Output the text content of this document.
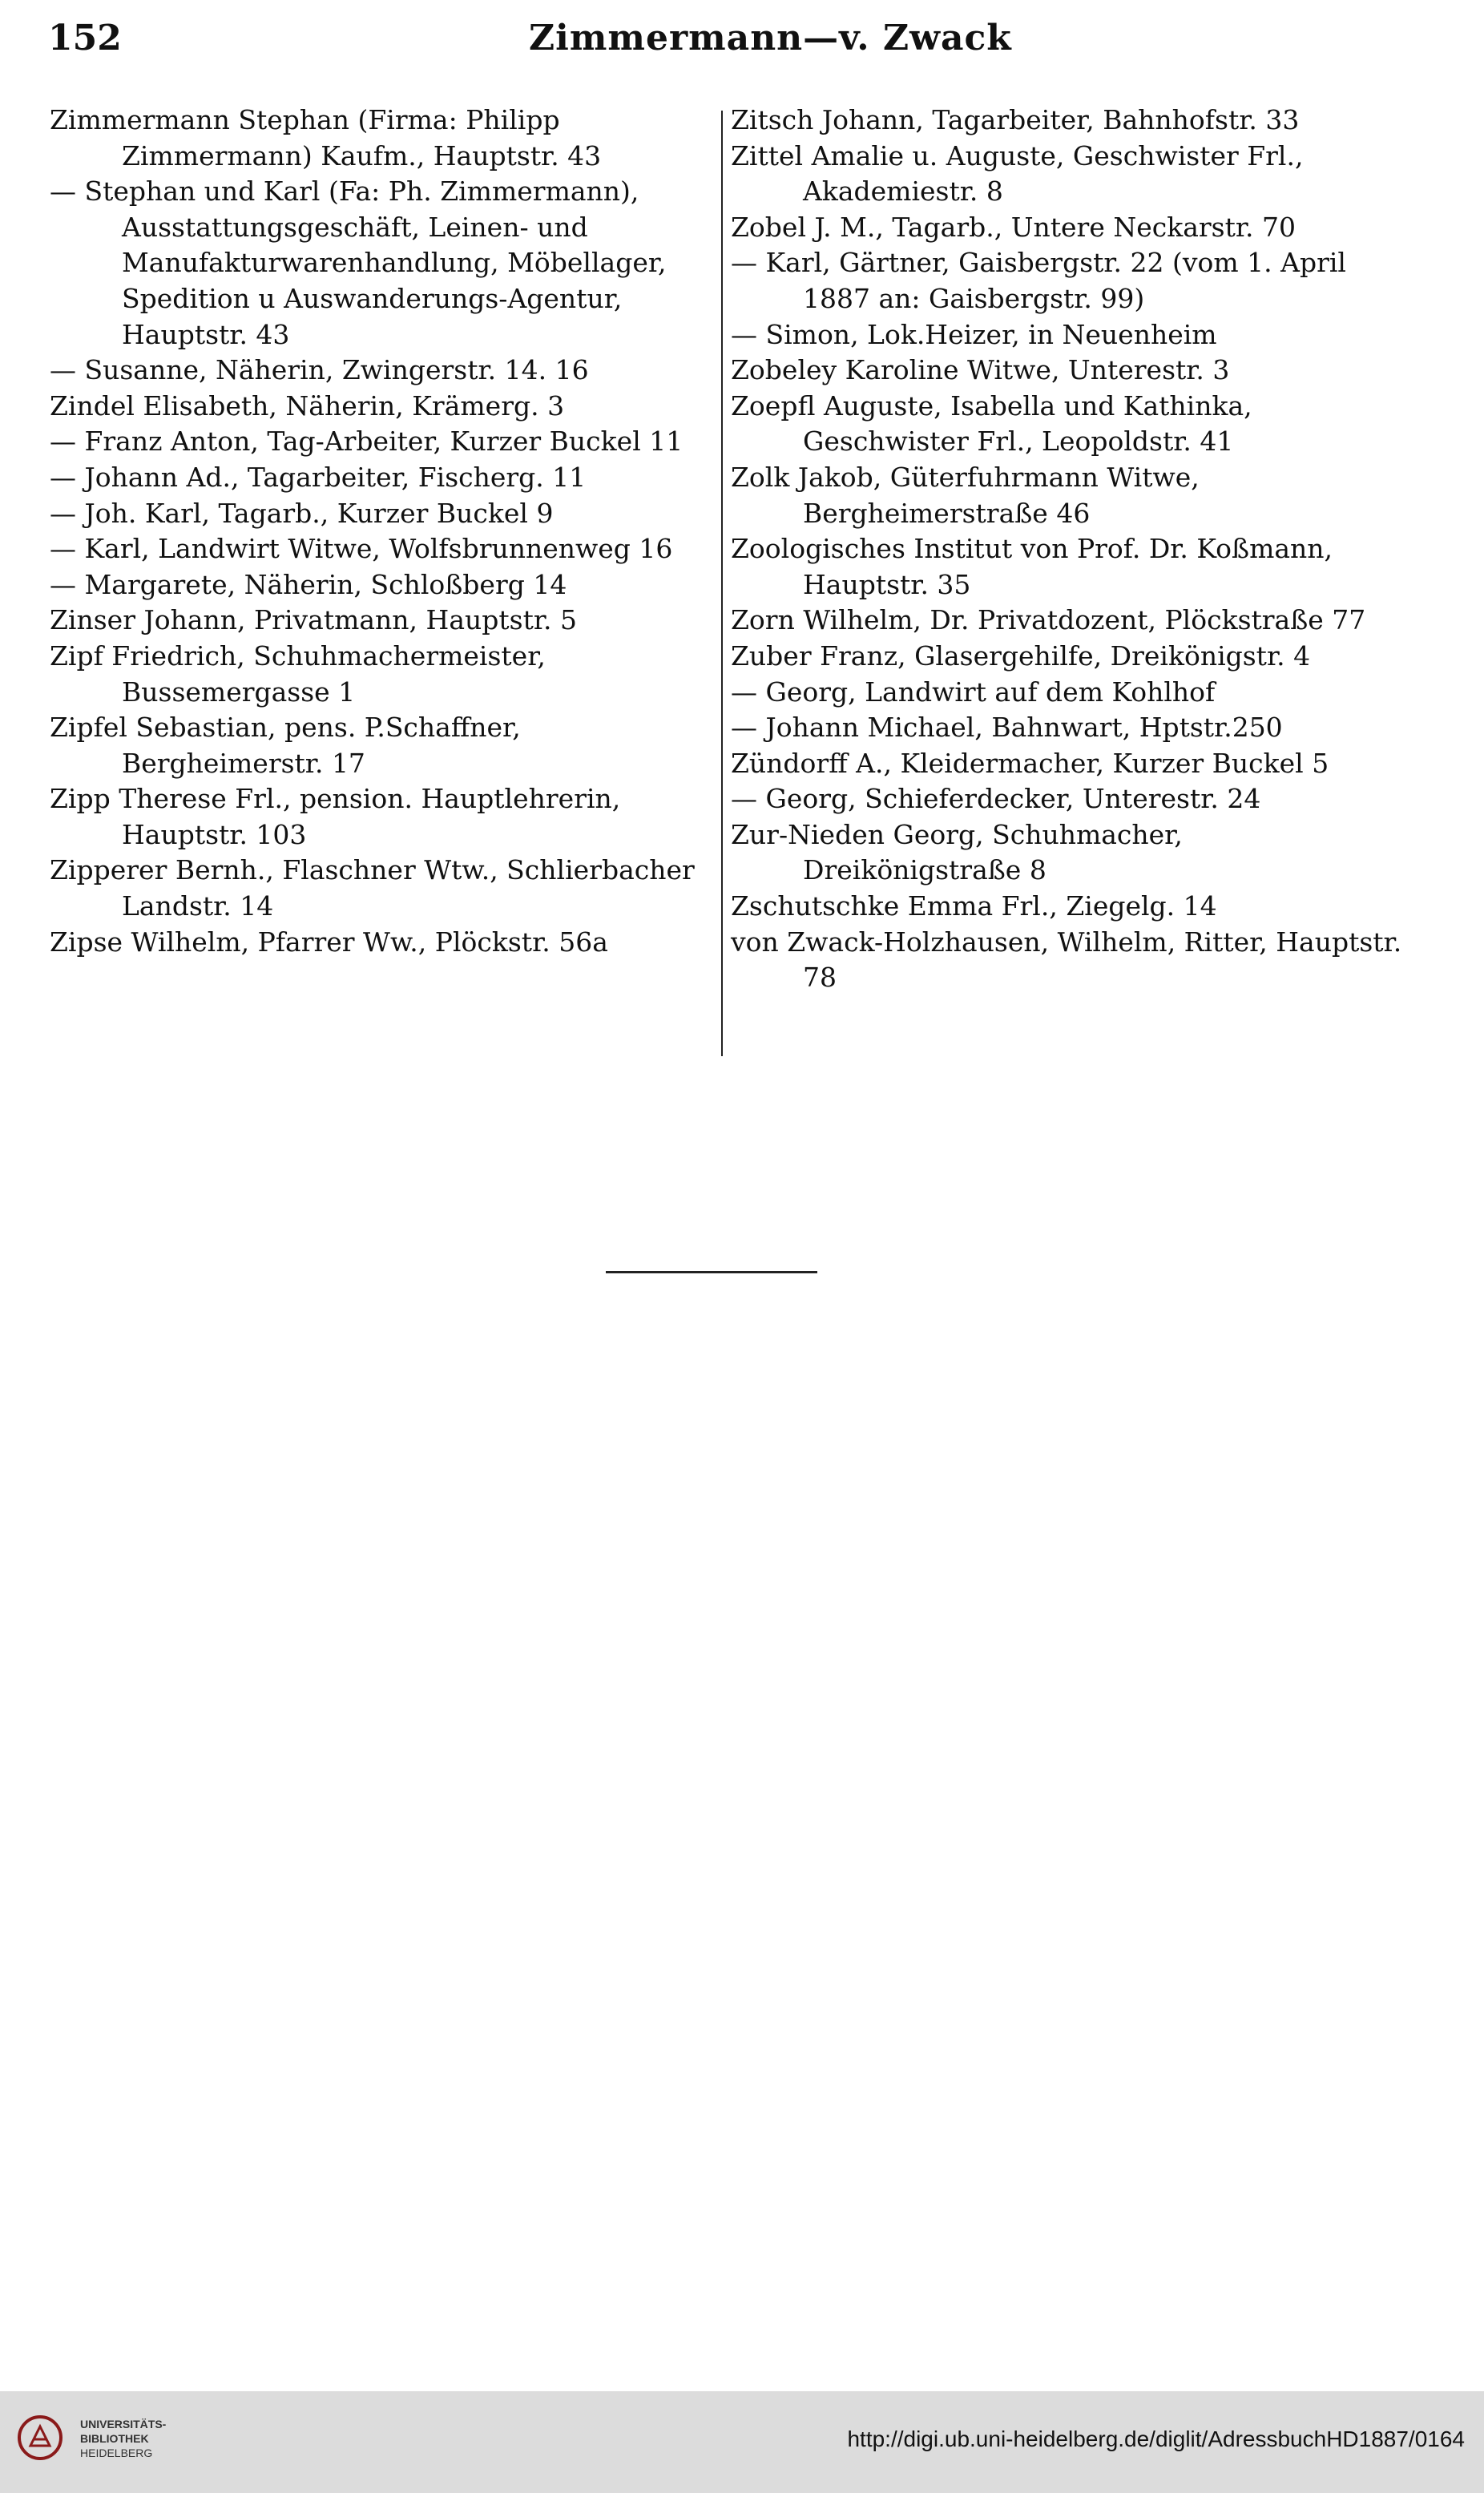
152	Zimmermann—v. Zwack

Zimmermann Stephan (Firma: Philipp Zimmermann) Kaufm., Hauptstr. 43

— Stephan und Karl (Fa: Ph. Zimmermann), Ausstattungsgeschäft, Leinen- und Manufakturwarenhandlung, Möbellager, Spedition u Auswanderungs-Agentur, Hauptstr. 43

— Susanne, Näherin, Zwingerstr. 14. 16

Zindel Elisabeth, Näherin, Krämerg. 3

— Franz Anton, Tag-Arbeiter, Kurzer Buckel 11

— Johann Ad., Tagarbeiter, Fischerg. 11

— Joh. Karl, Tagarb., Kurzer Buckel 9

— Karl, Landwirt Witwe, Wolfsbrunnenweg 16

— Margarete, Näherin, Schloßberg 14

Zinser Johann, Privatmann, Hauptstr. 5

Zipf Friedrich, Schuhmachermeister, Bussemergasse 1

Zipfel Sebastian, pens. P.Schaffner, Bergheimerstr. 17

Zipp Therese Frl., pension. Hauptlehrerin, Hauptstr. 103

Zipperer Bernh., Flaschner Wtw., Schlierbacher Landstr. 14

Zipse Wilhelm, Pfarrer Ww., Plöckstr. 56a

Zitsch Johann, Tagarbeiter, Bahnhofstr. 33

Zittel Amalie u. Auguste, Geschwister Frl., Akademiestr. 8

Zobel J. M., Tagarb., Untere Neckarstr. 70

— Karl, Gärtner, Gaisbergstr. 22 (vom 1. April 1887 an: Gaisbergstr. 99)

— Simon, Lok.Heizer, in Neuenheim

Zobeley Karoline Witwe, Unterestr. 3

Zoepfl Auguste, Isabella und Kathinka, Geschwister Frl., Leopoldstr. 41

Zolk Jakob, Güterfuhrmann Witwe, Bergheimerstraße 46

Zoologisches Institut von Prof. Dr. Koßmann, Hauptstr. 35

Zorn Wilhelm, Dr. Privatdozent, Plöckstraße 77

Zuber Franz, Glasergehilfe, Dreikönigstr. 4

— Georg, Landwirt auf dem Kohlhof

— Johann Michael, Bahnwart, Hptstr.250

Zündorff A., Kleidermacher, Kurzer Buckel 5

— Georg, Schieferdecker, Unterestr. 24

Zur-Nieden Georg, Schuhmacher, Dreikönigstraße 8

Zschutschke Emma Frl., Ziegelg. 14

von Zwack-Holzhausen, Wilhelm, Ritter, Hauptstr. 78

UNIVERSITÄTS-
BIBLIOTHEK
HEIDELBERG
http://digi.ub.uni-heidelberg.de/diglit/AdressbuchHD1887/0164
